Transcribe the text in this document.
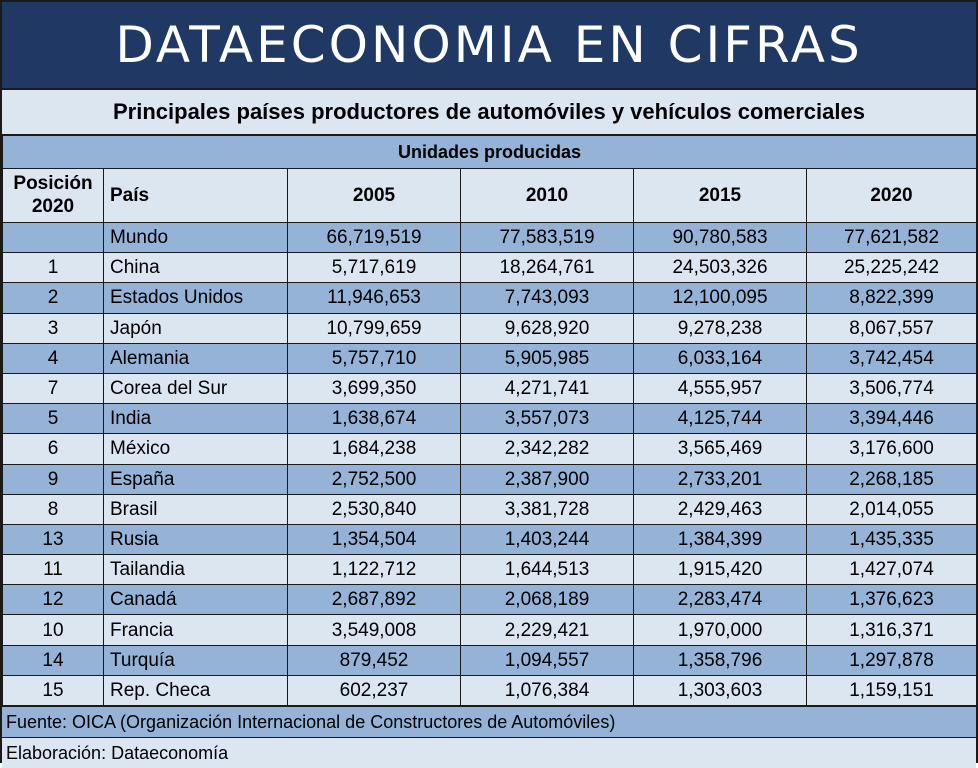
DATAECONOMIA EN CIFRAS
Principales países productores de automóviles y vehículos comerciales
Unidades producidas					
Posición 2020	País	2005	2010	2015	2020
	Mundo	66,719,519	77,583,519	90,780,583	77,621,582
1	China	5,717,619	18,264,761	24,503,326	25,225,242
2	Estados Unidos	11,946,653	7,743,093	12,100,095	8,822,399
3	Japón	10,799,659	9,628,920	9,278,238	8,067,557
4	Alemania	5,757,710	5,905,985	6,033,164	3,742,454
7	Corea del Sur	3,699,350	4,271,741	4,555,957	3,506,774
5	India	1,638,674	3,557,073	4,125,744	3,394,446
6	México	1,684,238	2,342,282	3,565,469	3,176,600
9	España	2,752,500	2,387,900	2,733,201	2,268,185
8	Brasil	2,530,840	3,381,728	2,429,463	2,014,055
13	Rusia	1,354,504	1,403,244	1,384,399	1,435,335
11	Tailandia	1,122,712	1,644,513	1,915,420	1,427,074
12	Canadá	2,687,892	2,068,189	2,283,474	1,376,623
10	Francia	3,549,008	2,229,421	1,970,000	1,316,371
14	Turquía	879,452	1,094,557	1,358,796	1,297,878
15	Rep. Checa	602,237	1,076,384	1,303,603	1,159,151
Fuente: OICA (Organización Internacional de Constructores de Automóviles)
Elaboración: Dataeconomía
